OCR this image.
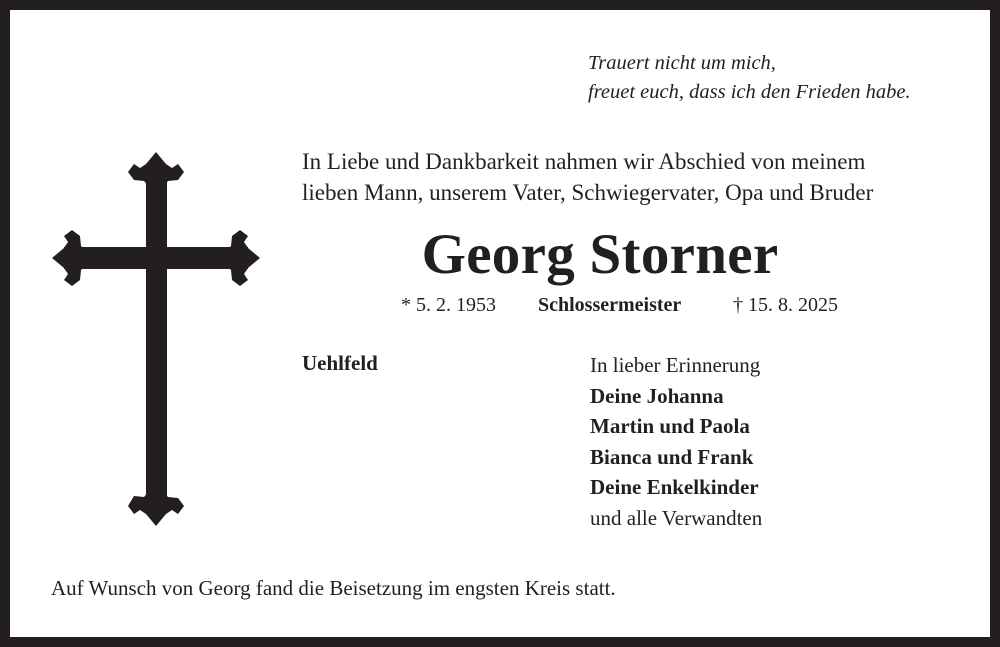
Trauert nicht um mich,
freuet euch, dass ich den Frieden habe.
In Liebe und Dankbarkeit nahmen wir Abschied von meinem
lieben Mann, unserem Vater, Schwiegervater, Opa und Bruder
Georg Storner
* 5. 2. 1953 Schlossermeister	† 15. 8. 2025
Uehlfeld	In lieber Erinnerung
Deine Johanna
Martin und Paola
Bianca und Frank
Deine Enkelkinder
und alle Verwandten
Auf Wunsch von Georg fand die Beisetzung im engsten Kreis statt.
